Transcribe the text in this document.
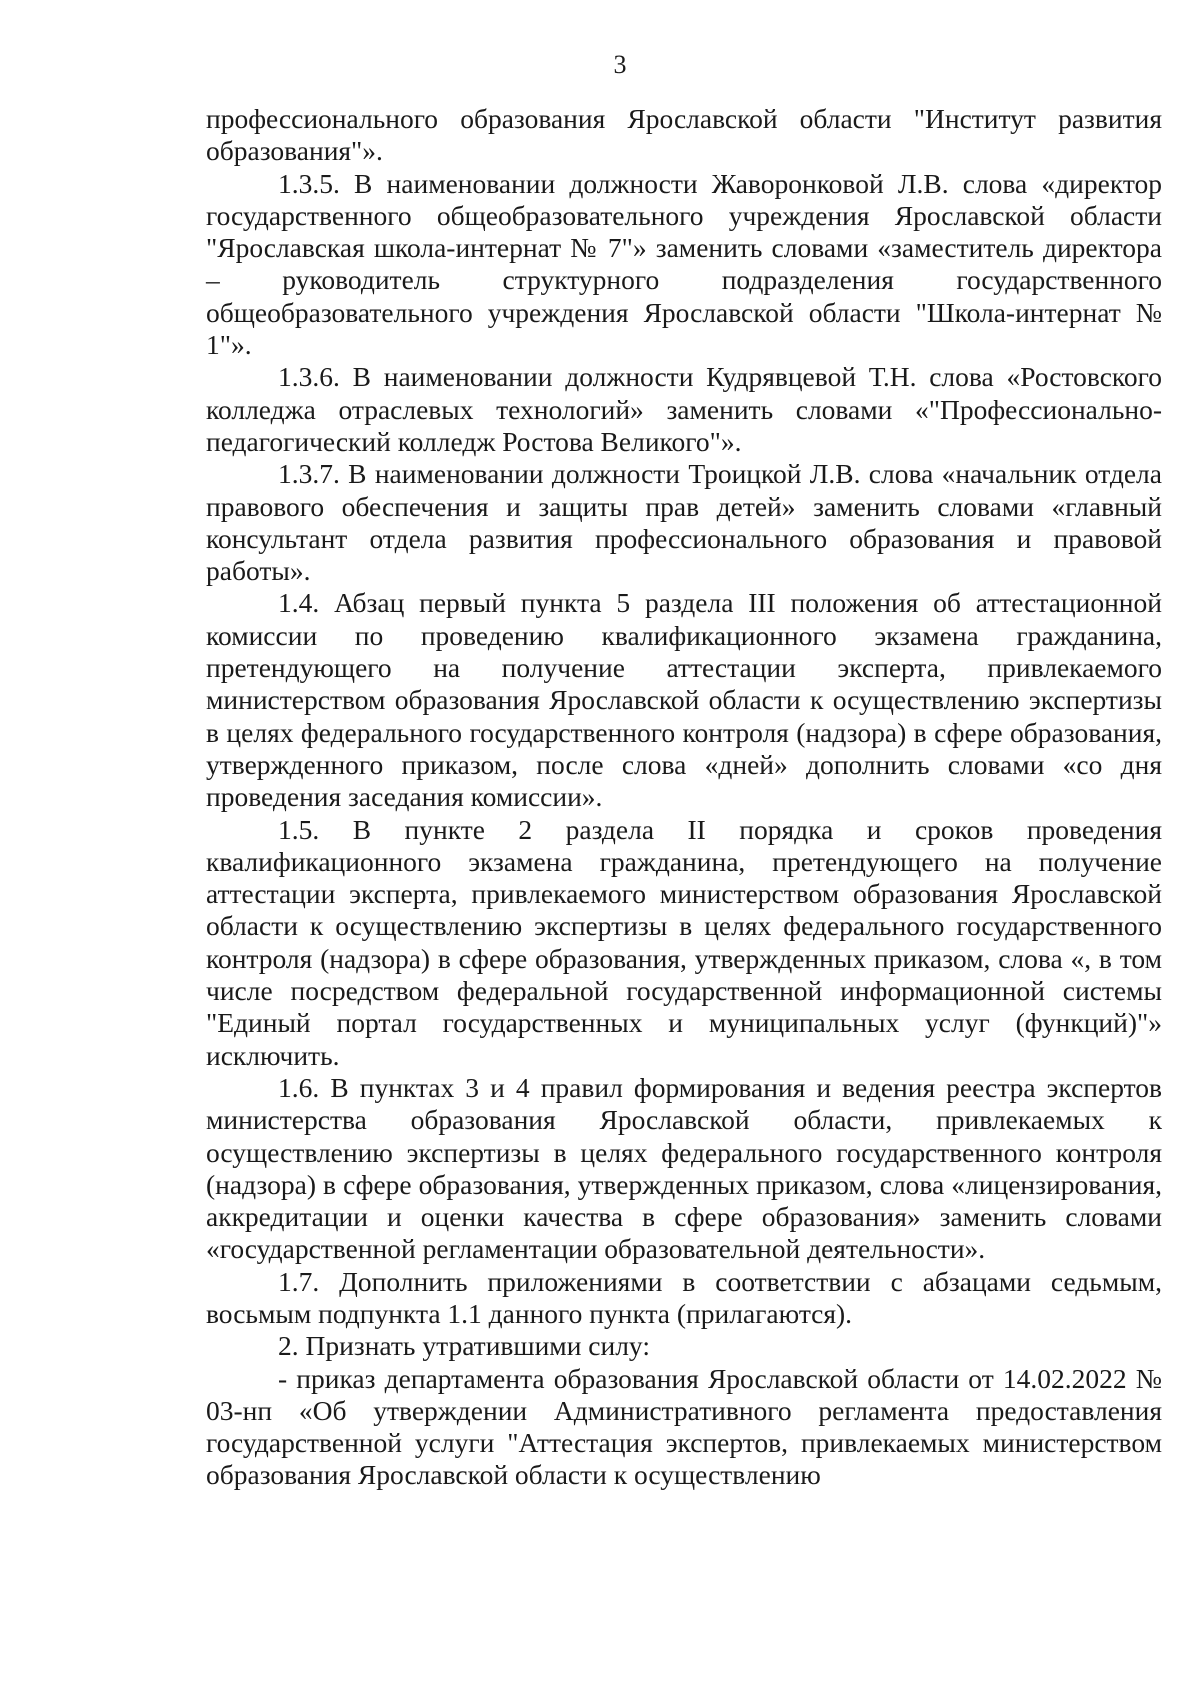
3

профессионального образования Ярославской области "Институт развития образования"».

1.3.5. В наименовании должности Жаворонковой Л.В. слова «директор государственного общеобразовательного учреждения Ярославской области "Ярославская школа-интернат № 7"» заменить словами «заместитель директора – руководитель структурного подразделения государственного общеобразовательного учреждения Ярославской области "Школа-интернат № 1"».

1.3.6. В наименовании должности Кудрявцевой Т.Н. слова «Ростовского колледжа отраслевых технологий» заменить словами «"Профессионально-педагогический колледж Ростова Великого"».

1.3.7. В наименовании должности Троицкой Л.В. слова «начальник отдела правового обеспечения и защиты прав детей» заменить словами «главный консультант отдела развития профессионального образования и правовой работы».

1.4. Абзац первый пункта 5 раздела III положения об аттестационной комиссии по проведению квалификационного экзамена гражданина, претендующего на получение аттестации эксперта, привлекаемого министерством образования Ярославской области к осуществлению экспертизы в целях федерального государственного контроля (надзора) в сфере образования, утвержденного приказом, после слова «дней» дополнить словами «со дня проведения заседания комиссии».

1.5. В пункте 2 раздела II порядка и сроков проведения квалификационного экзамена гражданина, претендующего на получение аттестации эксперта, привлекаемого министерством образования Ярославской области к осуществлению экспертизы в целях федерального государственного контроля (надзора) в сфере образования, утвержденных приказом, слова «, в том числе посредством федеральной государственной информационной системы "Единый портал государственных и муниципальных услуг (функций)"» исключить.

1.6. В пунктах 3 и 4 правил формирования и ведения реестра экспертов министерства образования Ярославской области, привлекаемых к осуществлению экспертизы в целях федерального государственного контроля (надзора) в сфере образования, утвержденных приказом, слова «лицензирования, аккредитации и оценки качества в сфере образования» заменить словами «государственной регламентации образовательной деятельности».

1.7. Дополнить приложениями в соответствии с абзацами седьмым, восьмым подпункта 1.1 данного пункта (прилагаются).

2. Признать утратившими силу:

- приказ департамента образования Ярославской области от 14.02.2022 № 03-нп «Об утверждении Административного регламента предоставления государственной услуги "Аттестация экспертов, привлекаемых министерством образования Ярославской области к осуществлению
